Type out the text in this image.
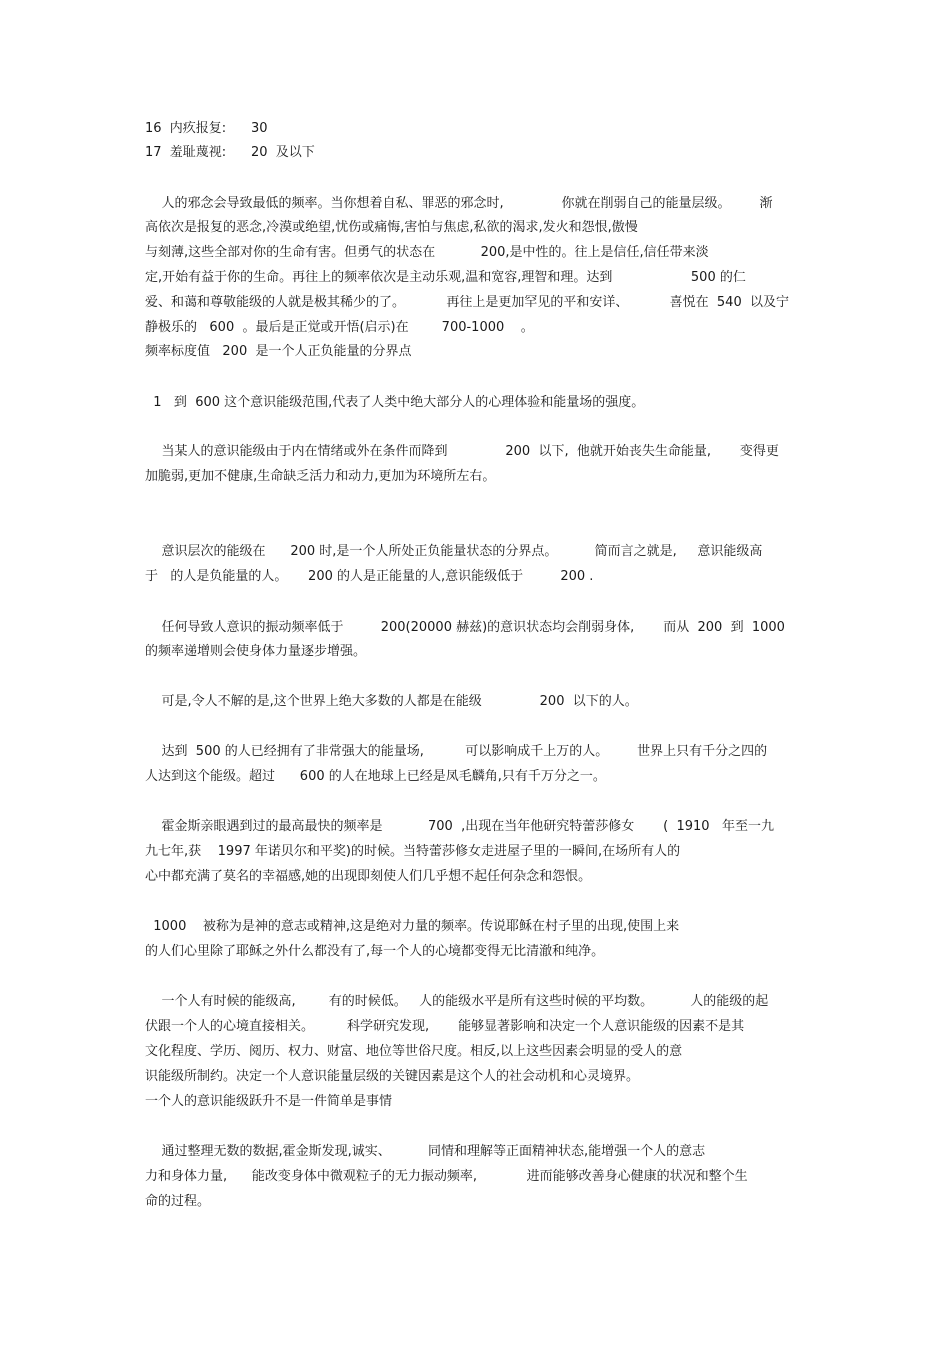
16  内疚报复:      30
17  羞耻蔑视:      20  及以下
人的邪念会导致最低的频率。当你想着自私、罪恶的邪念时,              你就在削弱自己的能量层级。       渐
高依次是报复的恶念,冷漠或绝望,忧伤或痛悔,害怕与焦虑,私欲的渴求,发火和怨恨,傲慢
与刻薄,这些全部对你的生命有害。但勇气的状态在           200,是中性的。往上是信任,信任带来淡
定,开始有益于你的生命。再往上的频率依次是主动乐观,温和宽容,理智和理。达到                   500 的仁
爱、和蔼和尊敬能级的人就是极其稀少的了。          再往上是更加罕见的平和安详、          喜悦在  540  以及宁
静极乐的   600  。最后是正觉或开悟(启示)在        700-1000    。
频率标度值   200  是一个人正负能量的分界点
1   到  600 这个意识能级范围,代表了人类中绝大部分人的心理体验和能量场的强度。
当某人的意识能级由于内在情绪或外在条件而降到              200  以下,  他就开始丧失生命能量,       变得更
加脆弱,更加不健康,生命缺乏活力和动力,更加为环境所左右。
意识层次的能级在      200 时,是一个人所处正负能量状态的分界点。         简而言之就是,     意识能级高
于   的人是负能量的人。     200 的人是正能量的人,意识能级低于         200 .
任何导致人意识的振动频率低于         200(20000 赫兹)的意识状态均会削弱身体,       而从  200  到  1000
的频率递增则会使身体力量逐步增强。
可是,令人不解的是,这个世界上绝大多数的人都是在能级              200  以下的人。
达到  500 的人已经拥有了非常强大的能量场,          可以影响成千上万的人。       世界上只有千分之四的
人达到这个能级。超过      600 的人在地球上已经是凤毛麟角,只有千万分之一。
霍金斯亲眼遇到过的最高最快的频率是           700  ,出现在当年他研究特蕾莎修女       (  1910   年至一九
九七年,获    1997 年诺贝尔和平奖)的时候。当特蕾莎修女走进屋子里的一瞬间,在场所有人的
心中都充满了莫名的幸福感,她的出现即刻使人们几乎想不起任何杂念和怨恨。
1000    被称为是神的意志或精神,这是绝对力量的频率。传说耶稣在村子里的出现,使围上来
的人们心里除了耶稣之外什么都没有了,每一个人的心境都变得无比清澈和纯净。
一个人有时候的能级高,        有的时候低。   人的能级水平是所有这些时候的平均数。         人的能级的起
伏跟一个人的心境直接相关。        科学研究发现,       能够显著影响和决定一个人意识能级的因素不是其
文化程度、学历、阅历、权力、财富、地位等世俗尺度。相反,以上这些因素会明显的受人的意
识能级所制约。决定一个人意识能量层级的关键因素是这个人的社会动机和心灵境界。
一个人的意识能级跃升不是一件简单是事情
通过整理无数的数据,霍金斯发现,诚实、         同情和理解等正面精神状态,能增强一个人的意志
力和身体力量,      能改变身体中微观粒子的无力振动频率,            进而能够改善身心健康的状况和整个生
命的过程。
